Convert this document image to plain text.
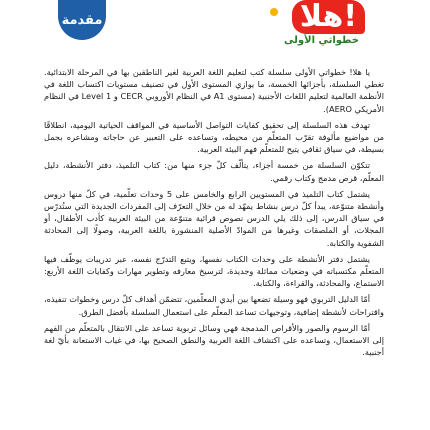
مقدمة	هلا!
خطواتي الأولى

يا هلا! خطواتي الأولى سلسلة كتب لتعليم اللغة العربية لغير الناطقين بها في المرحلة الابتدائية. تغطي السلسلة، بأجزائها الخمسة، ما يوازي المستوى الأول في تصنيف مستويات اكتساب اللغة في الأنظمة العالمية لتعليم اللغات الأجنبية (مستوى A1 في النظام الأوروبي CECR و Level 1 في النظام الأمريكي AERO).

تهدف هذه السلسلة إلى تحقيق كفايات التواصل الأساسية في المواقف الحياتية اليومية، انطلاقًا من مواضيع مألوفة تقرّب المتعلّم من محيطه، وتساعده على التعبير عن حاجاته ومشاعره بجمل بسيطة، في سياق ثقافي يتيح للمتعلّم فهم البيئة العربية.

تتكوّن السلسلة من خمسة أجزاء، يتألّف كلّ جزء منها من: كتاب التلميذ، دفتر الأنشطة، دليل المعلّم، قرص مدمج وكتاب رقمي.

يشتمل كتاب التلميذ في المستويين الرابع والخامس على 5 وحدات تعلّمية، في كلّ منها دروس وأنشطة متنوّعة، يبدأ كلّ درس بنشاط يمهّد له من خلال التعرّف إلى المفردات الجديدة التي ستُدرّس في سياق الدرس، إلى ذلك يلي الدرس نصوص قرائية متنوّعة من البيئة العربية كأدب الأطفال، أو المجلات، أو الملصقات وغيرها من الموادّ الأصلية المنشورة باللغة العربية، وصولًا إلى المحادثة الشفوية والكتابة.

يشتمل دفتر الأنشطة على وحدات الكتاب نفسها، ويتبع التدرّج نفسه، عبر تدريبات يوظّف فيها المتعلّم مكتسباته في وضعيات مماثلة وجديدة، لترسيخ معارفه وتطوير مهارات وكفايات اللغة الأربع: الاستماع، والمحادثة، والقراءة، والكتابة.

أمّا الدليل التربوي فهو وسيلة تضعها بين أيدي المعلّمين، تتضمّن أهداف كلّ درس وخطوات تنفيذه، واقتراحات لأنشطة إضافية، وتوجيهات تساعد المعلّم على استعمال السلسلة بأفضل الطرق.

أمّا الرسوم والصور والأقراص المدمجة فهي وسائل تربوية تساعد على الانتقال بالمتعلّم من الفهم إلى الاستعمال، وتساعده على اكتشاف اللغة العربية والنطق الصحيح بها، في غياب الاستعانة بأيّ لغة أجنبية.
